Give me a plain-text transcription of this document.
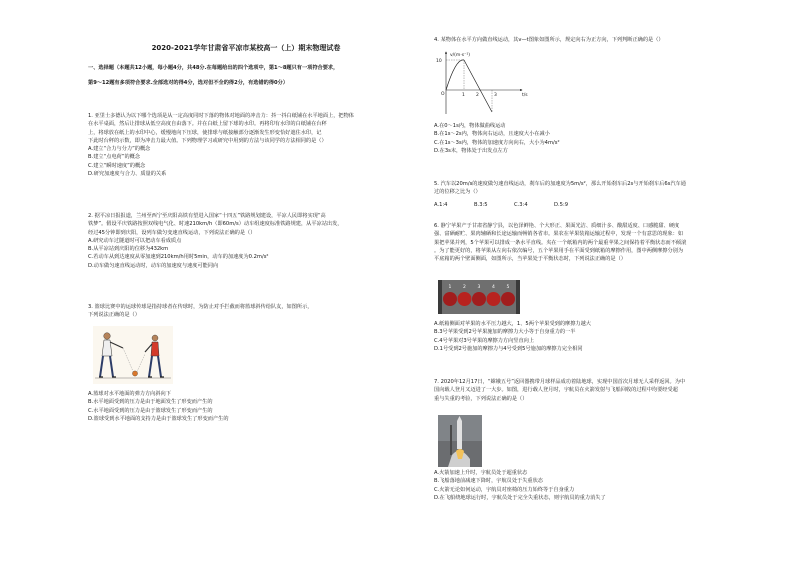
2020-2021学年甘肃省平凉市某校高一（上）期末物理试卷

一、选择题（本题共12小题，每小题4分，共48分.在每题给出的四个选项中，第1～8题只有一项符合要求，

第9～12题有多项符合要求.全部选对的得4分，选对但不全的得2分，有选错的得0分）

1. 亚里士多德认为以下哪个选项是从一定高度同时下落的物体对地面的冲击力：抖一抖白纸铺在水平地面上，把物体

在水平桌面，然后让排球从低空高度自由落下。并在白纸上留下球的水印。再将印有水印的白纸铺在台秤

上，将球放在纸上的水印中心，缓慢地向下压球，使排球与纸接触部分逐渐发生形变恰好遮住水印，记

下此时台秤的示数，即为冲击力最大值。下列物理学习或研究中用到的方法与该同学的方法相同的是（）

A.建立“合力与分力”的概念

B.建立“点电荷”的概念

C.建立“瞬时速度”的概念

D.研究加速度与合力、质量的关系

2. 据平凉日报报道，兰州至西宁至庆阳高铁有望进入国家“十四五”铁路规划建设，平凉人民即将实现“高

铁梦”。假设平庆铁路按照双线电气化、时速210km/h（即60m/s）动车组速度标准铁路规建，从平凉站出发，

经过45分钟即到庆阳，设列车做匀变速直线运动，下列说法正确的是（）

A.研究动车过隧道时可以把动车看成质点

B.从平凉站到庆阳的位移为432km

C.若动车从到达速度从零加速到210km/h用时5min，动车的加速度为0.2m/s²

D.动车做匀速直线运动时，动车的加速度与速度可能同向

3. 篮球比赛中的运球传球是指持球者在传球时，为防止对手拦截而将篮球斜传给队友，如图所示，

下列说法正确的是（）

A.篮球对水平地面的弹力方向斜向下

B.水平地面受到的压力是由于地面发生了形变而产生的

C.水平地面受到的压力是由于篮球发生了形变而产生的

D.篮球受到水平地面的支持力是由于篮球发生了形变而产生的

4. 某物体在水平方向做直线运动，其v—t图象如图所示，规定向右为正方向，下列判断正确的是（）

v/(m·s⁻¹)
t/s
O
10
1 2	3

A.在0～1s内，物体做曲线运动

B.在1s～2s内，物体向右运动，且速度大小在减小

C.在1s～3s内，物体的加速度方向向右，大小为4m/s²

D.在3s末，物体处于出发点左方

5. 汽车以20m/s的速度做匀速直线运动，刹车后的加速度为5m/s²，那么开始刹车后2s与开始刹车后6s汽车通

过的位移之比为（）

A.1:4	B.3:5	C.3:4	D.5:9

6. 静宁苹果产于甘肃省静宁县，以色泽鲜艳、个大形正、果面光洁、质细汁多、酸甜适度、口感脆甜、硬度

强、富硒耐贮、果肉辅硒和长途运输而畅销各省市。果农在苹果装箱运输过程中，发现一个有意思的现象：如

果把苹果并列，5个苹果可以排成一条水平直线。夹在一个纸箱内的两个最重苹果之间保持着平衡状态而不倾滚

。为了能更好的，将苹果从左向右依次编号，五个苹果用手在平面受到纸箱的摩擦作用，图中两侧摩擦分别为

平底箱的两个壁面侧面，如图所示，当苹果处于平衡状态时，下列说法正确的是（）

1	2	3	4	5

A.纸箱侧面对苹果的水平压力越大，1、5两个苹果受到的摩擦力越大

B.3号苹果受到2号苹果施加的摩擦力大小等于自身重力的一半

C.4号苹果对3号苹果的摩擦力方向竖直向上

D.1号受到2号施加的摩擦力与4号受到5号施加的摩擦力完全相同

7. 2020年12月17日，“嫦娥五号”返回器携带月球样品成功着陆地球，实现中国首次月球无人采样返回。为中

国向载人登月又迈进了一大步。如图，进行载人登月时，宇航员在火箭发射与飞船回收的过程中均要经受超

重与失重的考验，下列说法正确的是（）

A.火箭加速上升时，宇航员处于超重状态

B.飞船落地前减速下降时，宇航员处于失重状态

C.火箭无论如何运动，宇航员对座椅的压力始终等于自身重力

D.在飞船绕地球运行时，宇航员处于完全失重状态，则宇航员的重力消失了
